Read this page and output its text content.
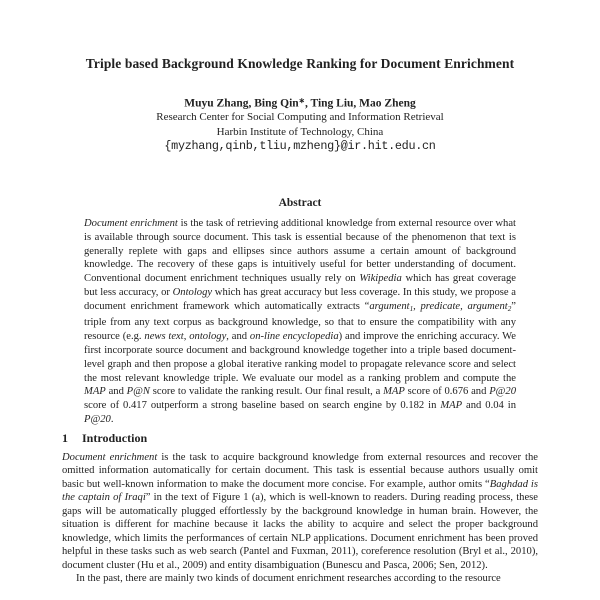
Triple based Background Knowledge Ranking for Document Enrichment
Muyu Zhang, Bing Qin∗, Ting Liu, Mao Zheng
Research Center for Social Computing and Information Retrieval
Harbin Institute of Technology, China
{myzhang,qinb,tliu,mzheng}@ir.hit.edu.cn
Abstract

Document enrichment is the task of retrieving additional knowledge from external resource over what is available through source document. This task is essential because of the phenomenon that text is generally replete with gaps and ellipses since authors assume a certain amount of background knowledge. The recovery of these gaps is intuitively useful for better understanding of document. Conventional document enrichment techniques usually rely on Wikipedia which has great coverage but less accuracy, or Ontology which has great accuracy but less coverage. In this study, we propose a document enrichment framework which automatically extracts “argument1, predicate, argument2” triple from any text corpus as background knowledge, so that to ensure the compatibility with any resource (e.g. news text, ontology, and on-line encyclopedia) and improve the enriching accuracy. We first incorporate source document and background knowledge together into a triple based document-level graph and then propose a global iterative ranking model to propagate relevance score and select the most relevant knowledge triple. We evaluate our model as a ranking problem and compute the MAP and P@N score to validate the ranking result. Our final result, a MAP score of 0.676 and P@20 score of 0.417 outperform a strong baseline based on search engine by 0.182 in MAP and 0.04 in P@20.

1 Introduction

Document enrichment is the task to acquire background knowledge from external resources and recover the omitted information automatically for certain document. This task is essential because authors usually omit basic but well-known information to make the document more concise. For example, author omits “Baghdad is the captain of Iraqi” in the text of Figure 1 (a), which is well-known to readers. During reading process, these gaps will be automatically plugged effortlessly by the background knowledge in human brain. However, the situation is different for machine because it lacks the ability to acquire and select the proper background knowledge, which limits the performances of certain NLP applications. Document enrichment has been proved helpful in these tasks such as web search (Pantel and Fuxman, 2011), coreference resolution (Bryl et al., 2010), document cluster (Hu et al., 2009) and entity disambiguation (Bunescu and Pasca, 2006; Sen, 2012).

In the past, there are mainly two kinds of document enrichment researches according to the resource
